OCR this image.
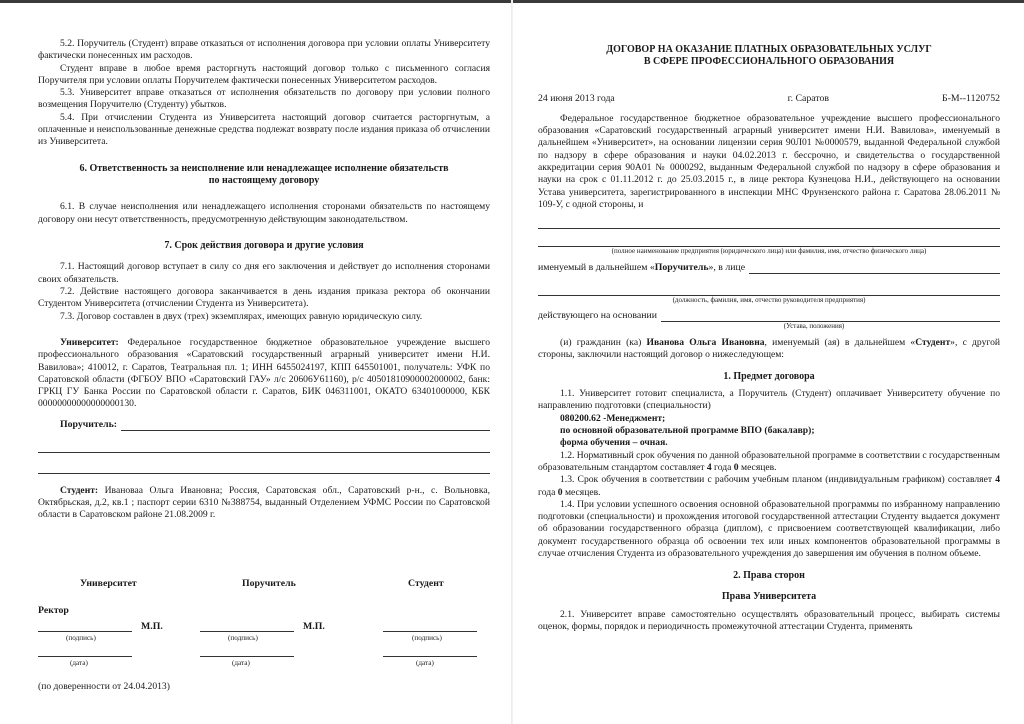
5.2. Поручитель (Студент) вправе отказаться от исполнения договора при условии оплаты Университету фактически понесенных им расходов.

Студент вправе в любое время расторгнуть настоящий договор только с письменного согласия Поручителя при условии оплаты Поручителем фактически понесенных Университетом расходов.

5.3. Университет вправе отказаться от исполнения обязательств по договору при условии полного возмещения Поручителю (Студенту) убытков.

5.4. При отчислении Студента из Университета настоящий договор считается расторгнутым, а оплаченные и неиспользованные денежные средства подлежат возврату после издания приказа об отчислении из Университета.

6. Ответственность за неисполнение или ненадлежащее исполнение обязательств

по настоящему договору

6.1. В случае неисполнения или ненадлежащего исполнения сторонами обязательств по настоящему договору они несут ответственность, предусмотренную действующим законодательством.

7. Срок действия договора и другие условия

7.1. Настоящий договор вступает в силу со дня его заключения и действует до исполнения сторонами своих обязательств.

7.2. Действие настоящего договора заканчивается в день издания приказа ректора об окончании Студентом Университета (отчислении Студента из Университета).

7.3. Договор составлен в двух (трех) экземплярах, имеющих равную юридическую силу.

Университет: Федеральное государственное бюджетное образовательное учреждение высшего профессионального образования «Саратовский государственный аграрный университет имени Н.И. Вавилова»; 410012, г. Саратов, Театральная пл. 1; ИНН 6455024197, КПП 645501001, получатель: УФК по Саратовской области (ФГБОУ ВПО «Саратовский ГАУ» л/с 20606У61160), р/с 40501810900002000002, банк: ГРКЦ ГУ Банка России по Саратовской области г. Саратов, БИК 046311001, ОКАТО 63401000000, КБК 00000000000000000130.

Поручитель:

Студент: Ивановаа Ольга Ивановна; Россия, Саратовская обл., Саратовский р-н., с. Вольновка, Октябрьская, д.2, кв.1 ; паспорт серии 6310 №388754, выданный Отделением УФМС России по Саратовской области в Саратовском районе 21.08.2009 г.

Университет	Поручитель	Студент
Ректор
М.П.	М.П.
(подпись)	(подпись)	(подпись)
(дата)	(дата)	(дата)
(по доверенности от 24.04.2013)

ДОГОВОР НА ОКАЗАНИЕ ПЛАТНЫХ ОБРАЗОВАТЕЛЬНЫХ УСЛУГ

В СФЕРЕ ПРОФЕССИОНАЛЬНОГО ОБРАЗОВАНИЯ

24 июня 2013 года	г. Саратов	Б-М--1120752

Федеральное государственное бюджетное образовательное учреждение высшего профессионального образования «Саратовский государственный аграрный университет имени Н.И. Вавилова», именуемый в дальнейшем «Университет», на основании лицензии серия 90Л01 №0000579, выданной Федеральной службой по надзору в сфере образования и науки 04.02.2013 г. бессрочно, и свидетельства о государственной аккредитации серия 90А01 № 0000292, выданным Федеральной службой по надзору в сфере образования и науки на срок с 01.11.2012 г. до 25.03.2015 г., в лице ректора Кузнецова Н.И., действующего на основании Устава университета, зарегистрированного в инспекции МНС Фрунзенского района г. Саратова 28.06.2011 № 109-У, с одной стороны, и

(полное наименование предприятия (юридического лица) или фамилия, имя, отчество физического лица)
именуемый в дальнейшем «Поручитель», в лице
(должность, фамилия, имя, отчество руководителя предприятия)
действующего на основании
(Устава, положения)

(и) гражданин (ка) Иванова Ольга Ивановна, именуемый (ая) в дальнейшем «Студент», с другой стороны, заключили настоящий договор о нижеследующем:

1. Предмет договора

1.1. Университет готовит специалиста, а Поручитель (Студент) оплачивает Университету обучение по направлению подготовки (специальности)

080200.62 -Менеджмент;

по основной образовательной программе ВПО (бакалавр);

форма обучения – очная.

1.2. Нормативный срок обучения по данной образовательной программе в соответствии с государственным образовательным стандартом составляет 4 года 0 месяцев.

1.3. Срок обучения в соответствии с рабочим учебным планом (индивидуальным графиком) составляет 4 года 0 месяцев.

1.4. При условии успешного освоения основной образовательной программы по избранному направлению подготовки (специальности) и прохождения итоговой государственной аттестации Студенту выдается документ об образовании государственного образца (диплом), с присвоением соответствующей квалификации, либо документ государственного образца об освоении тех или иных компонентов образовательной программы в случае отчисления Студента из образовательного учреждения до завершения им обучения в полном объеме.

2. Права сторон

Права Университета

2.1. Университет вправе самостоятельно осуществлять образовательный процесс, выбирать системы оценок, формы, порядок и периодичность промежуточной аттестации Студента, применять
